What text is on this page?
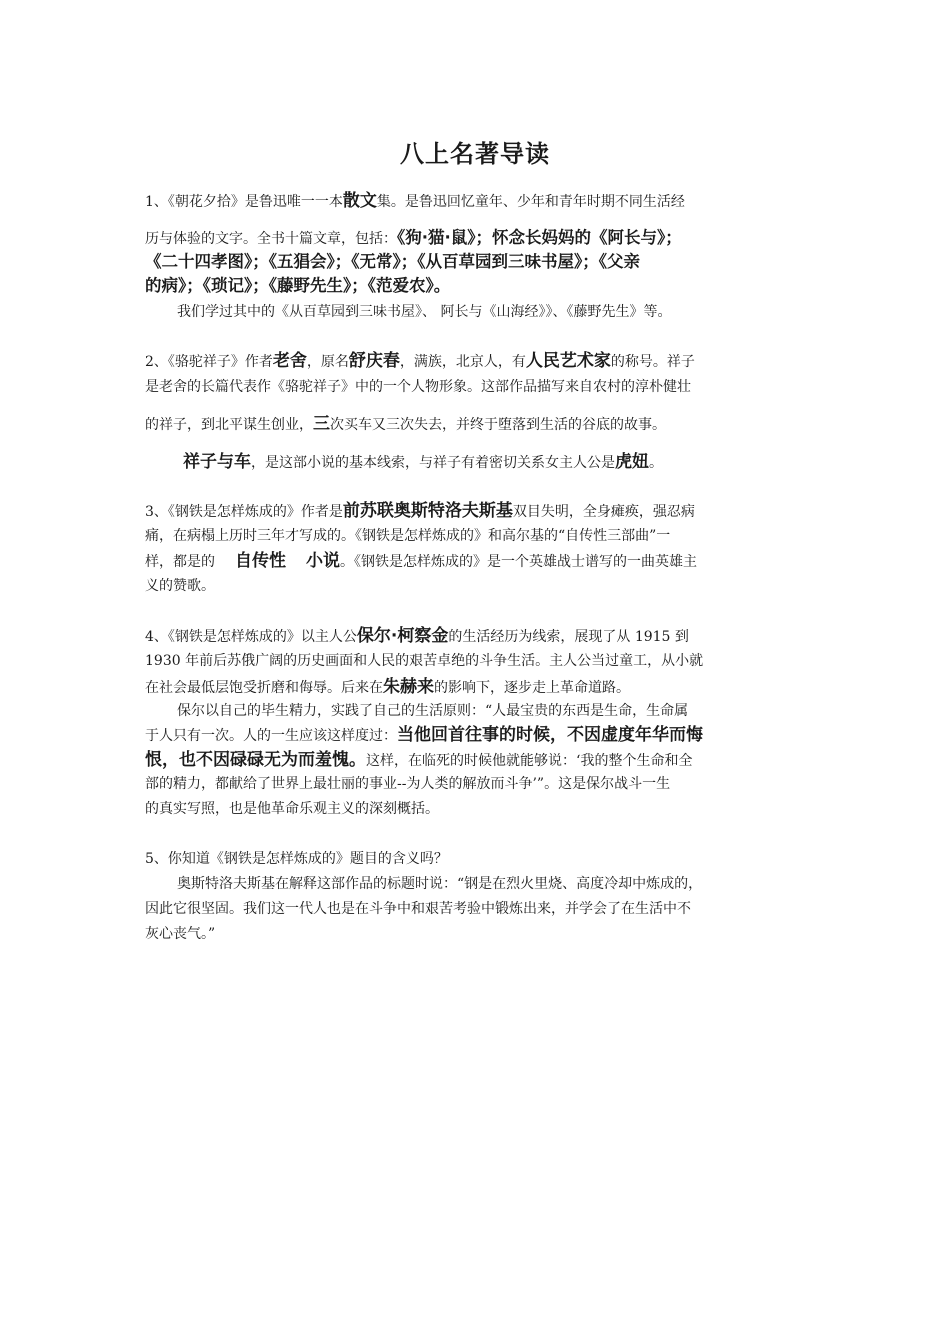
八上名著导读
1、《朝花夕拾》是鲁迅唯一一本散文集。是鲁迅回忆童年、少年和青年时期不同生活经
历与体验的文字。全书十篇文章，包括：《狗·猫·鼠》；怀念长妈妈的《阿长与》；
《二十四孝图》；《五猖会》；《无常》；《从百草园到三味书屋》；《父亲
的病》；《琐记》；《藤野先生》；《范爱农》。
我们学过其中的《从百草园到三味书屋》、 阿长与《山海经》》、《藤野先生》等。
2、《骆驼祥子》作者老舍，原名舒庆春，满族，北京人，有人民艺术家的称号。祥子
是老舍的长篇代表作《骆驼祥子》中的一个人物形象。这部作品描写来自农村的淳朴健壮
的祥子，到北平谋生创业，三次买车又三次失去，并终于堕落到生活的谷底的故事。
祥子与车，是这部小说的基本线索，与祥子有着密切关系女主人公是虎妞。
3、《钢铁是怎样炼成的》作者是前苏联奥斯特洛夫斯基双目失明，全身瘫痪，强忍病
痛，在病榻上历时三年才写成的。《钢铁是怎样炼成的》和高尔基的“自传性三部曲”一
样，都是的 自传性 小说。《钢铁是怎样炼成的》是一个英雄战士谱写的一曲英雄主
义的赞歌。
4、《钢铁是怎样炼成的》以主人公保尔·柯察金的生活经历为线索，展现了从 1915 到
1930 年前后苏俄广阔的历史画面和人民的艰苦卓绝的斗争生活。主人公当过童工，从小就
在社会最低层饱受折磨和侮辱。后来在朱赫来的影响下，逐步走上革命道路。
保尔以自己的毕生精力，实践了自己的生活原则：“人最宝贵的东西是生命，生命属
于人只有一次。人的一生应该这样度过：当他回首往事的时候，不因虚度年华而悔
恨，也不因碌碌无为而羞愧。这样，在临死的时候他就能够说：‘我的整个生命和全
部的精力，都献给了世界上最壮丽的事业--为人类的解放而斗争’”。这是保尔战斗一生
的真实写照，也是他革命乐观主义的深刻概括。
5、你知道《钢铁是怎样炼成的》题目的含义吗？
奥斯特洛夫斯基在解释这部作品的标题时说：“钢是在烈火里烧、高度冷却中炼成的，
因此它很坚固。我们这一代人也是在斗争中和艰苦考验中锻炼出来，并学会了在生活中不
灰心丧气。”
